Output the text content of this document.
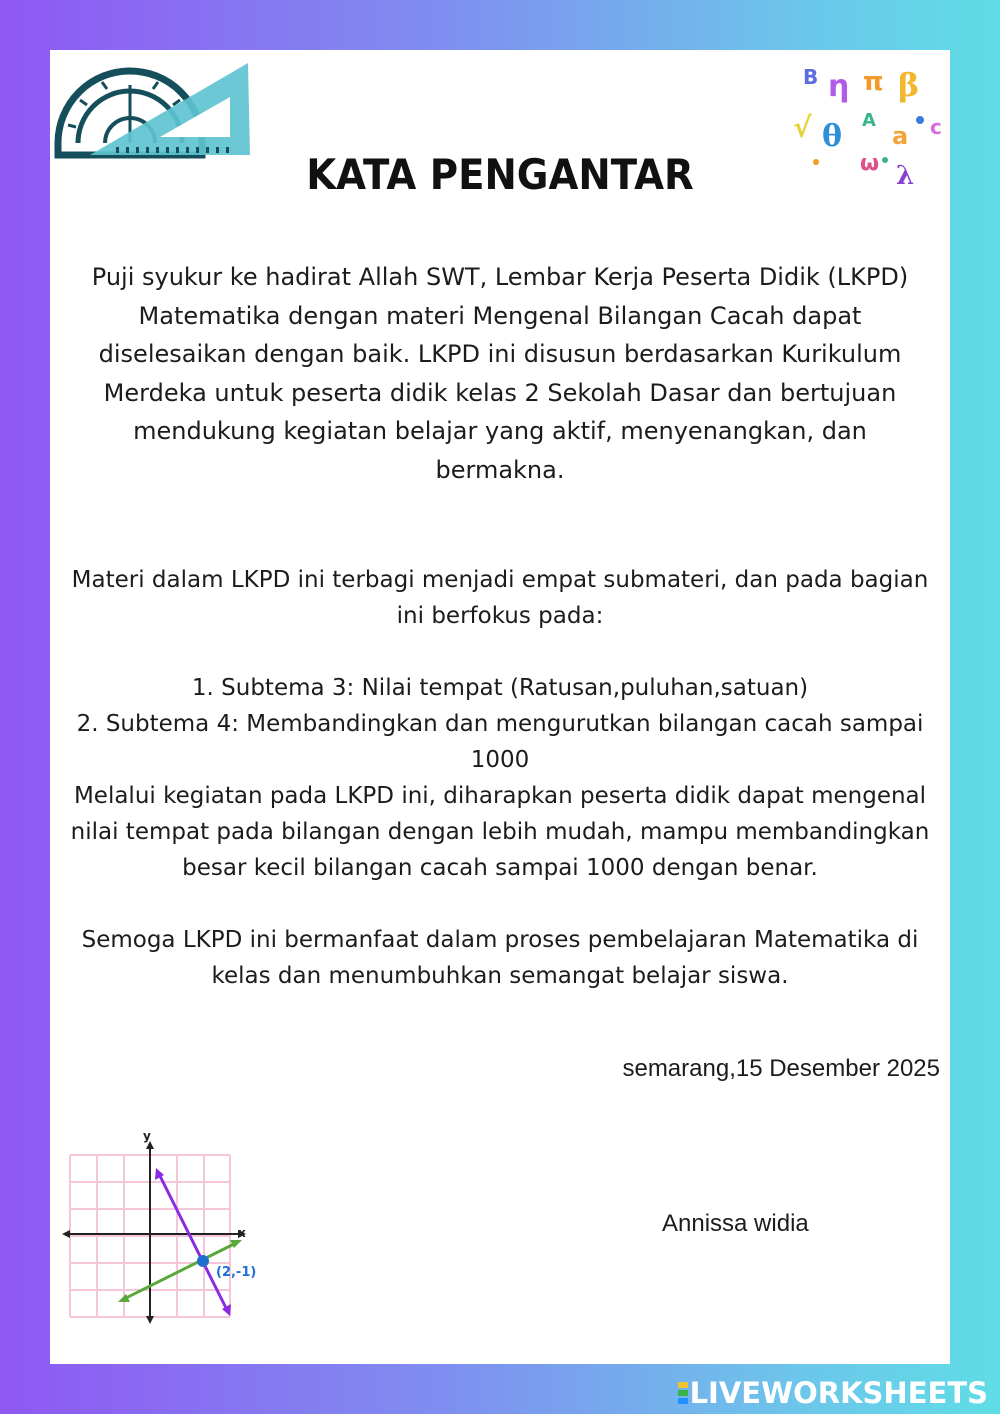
KATA PENGANTAR
B η π β
√ θ A
a c
ω λ

Puji syukur ke hadirat Allah SWT, Lembar Kerja Peserta Didik (LKPD) Matematika dengan materi Mengenal Bilangan Cacah dapat diselesaikan dengan baik. LKPD ini disusun berdasarkan Kurikulum Merdeka untuk peserta didik kelas 2 Sekolah Dasar dan bertujuan mendukung kegiatan belajar yang aktif, menyenangkan, dan bermakna.

Materi dalam LKPD ini terbagi menjadi empat submateri, dan pada bagian ini berfokus pada:

1. Subtema 3: Nilai tempat (Ratusan,puluhan,satuan)
2. Subtema 4: Membandingkan dan mengurutkan bilangan cacah sampai 1000

Melalui kegiatan pada LKPD ini, diharapkan peserta didik dapat mengenal nilai tempat pada bilangan dengan lebih mudah, mampu membandingkan besar kecil bilangan cacah sampai 1000 dengan benar.

Semoga LKPD ini bermanfaat dalam proses pembelajaran Matematika di kelas dan menumbuhkan semangat belajar siswa.

semarang,15 Desember 2025
y
x
(2,-1)
Annissa widia
LIVEWORKSHEETS
